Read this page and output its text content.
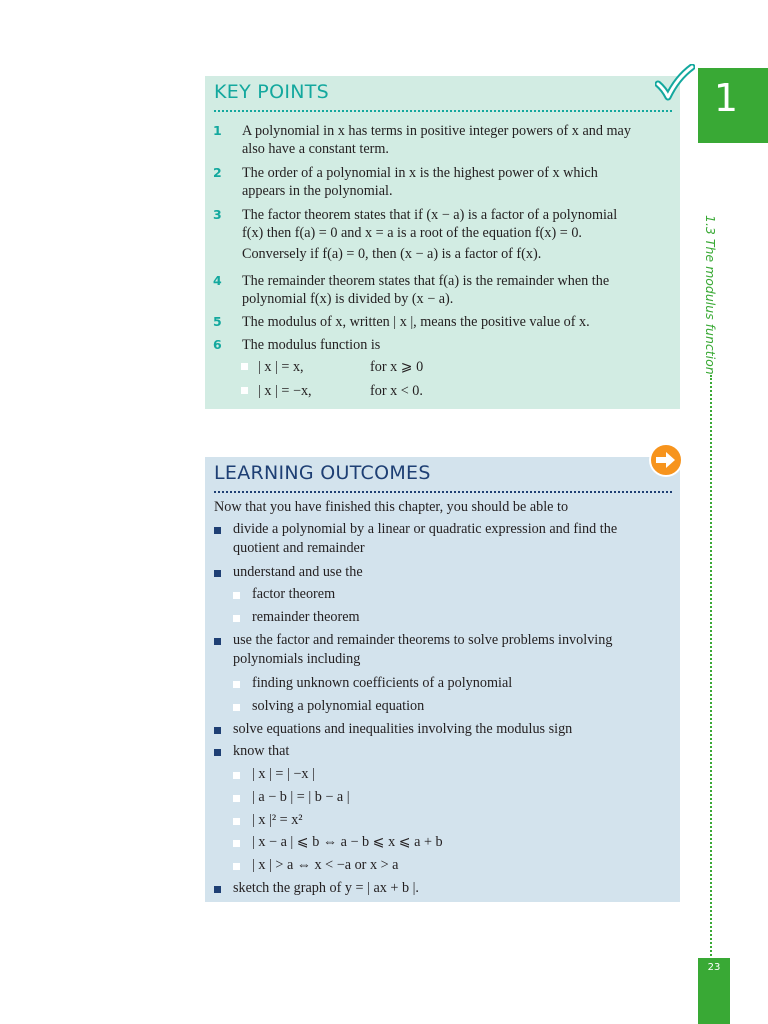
KEY POINTS
1	A polynomial in x has terms in positive integer powers of x and may
also have a constant term.
2	The order of a polynomial in x is the highest power of x which
appears in the polynomial.
3	The factor theorem states that if (x − a) is a factor of a polynomial
f(x) then f(a) = 0 and x = a is a root of the equation f(x) = 0.
Conversely if f(a) = 0, then (x − a) is a factor of f(x).
4	The remainder theorem states that f(a) is the remainder when the
polynomial f(x) is divided by (x − a).
5	The modulus of x, written | x |, means the positive value of x.
6	The modulus function is
| x | = x,	for x ⩾ 0
| x | = −x,	for x < 0.
LEARNING OUTCOMES
Now that you have finished this chapter, you should be able to
divide a polynomial by a linear or quadratic expression and find the
quotient and remainder
understand and use the
factor theorem
remainder theorem
use the factor and remainder theorems to solve problems involving
polynomials including
finding unknown coefficients of a polynomial
solving a polynomial equation
solve equations and inequalities involving the modulus sign
know that
| x | = | −x |
| a − b | = | b − a |
| x |² = x²
| x − a | ⩽ b ⇔ a − b ⩽ x ⩽ a + b
| x | > a ⇔ x < −a or x > a
sketch the graph of y = | ax + b |.
1
1.3 The modulus function
23
